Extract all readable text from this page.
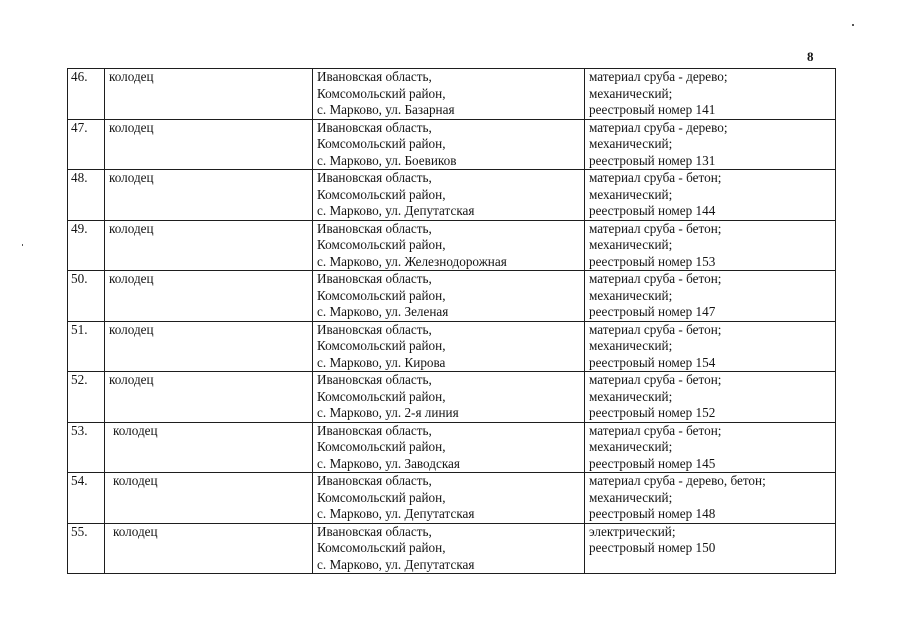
8
46.	колодец	Ивановская область,
Комсомольский район,
с. Марково, ул. Базарная	материал сруба - дерево;
механический;
реестровый номер 141

47.	колодец	Ивановская область,
Комсомольский район,
с. Марково, ул. Боевиков	материал сруба - дерево;
механический;
реестровый номер 131

48.	колодец	Ивановская область,
Комсомольский район,
с. Марково, ул. Депутатская	материал сруба - бетон;
механический;
реестровый номер 144

49.	колодец	Ивановская область,
Комсомольский район,
с. Марково, ул. Железнодорожная	материал сруба - бетон;
механический;
реестровый номер 153

50.	колодец	Ивановская область,
Комсомольский район,
с. Марково, ул. Зеленая	материал сруба - бетон;
механический;
реестровый номер 147

51.	колодец	Ивановская область,
Комсомольский район,
с. Марково, ул. Кирова	материал сруба - бетон;
механический;
реестровый номер 154

52.	колодец	Ивановская область,
Комсомольский район,
с. Марково, ул. 2-я линия	материал сруба - бетон;
механический;
реестровый номер 152

53.	колодец	Ивановская область,
Комсомольский район,
с. Марково, ул. Заводская	материал сруба - бетон;
механический;
реестровый номер 145

54.	колодец	Ивановская область,
Комсомольский район,
с. Марково, ул. Депутатская	материал сруба - дерево, бетон;
механический;
реестровый номер 148

55.	колодец	Ивановская область,
Комсомольский район,
с. Марково, ул. Депутатская	электрический;
реестровый номер 150
